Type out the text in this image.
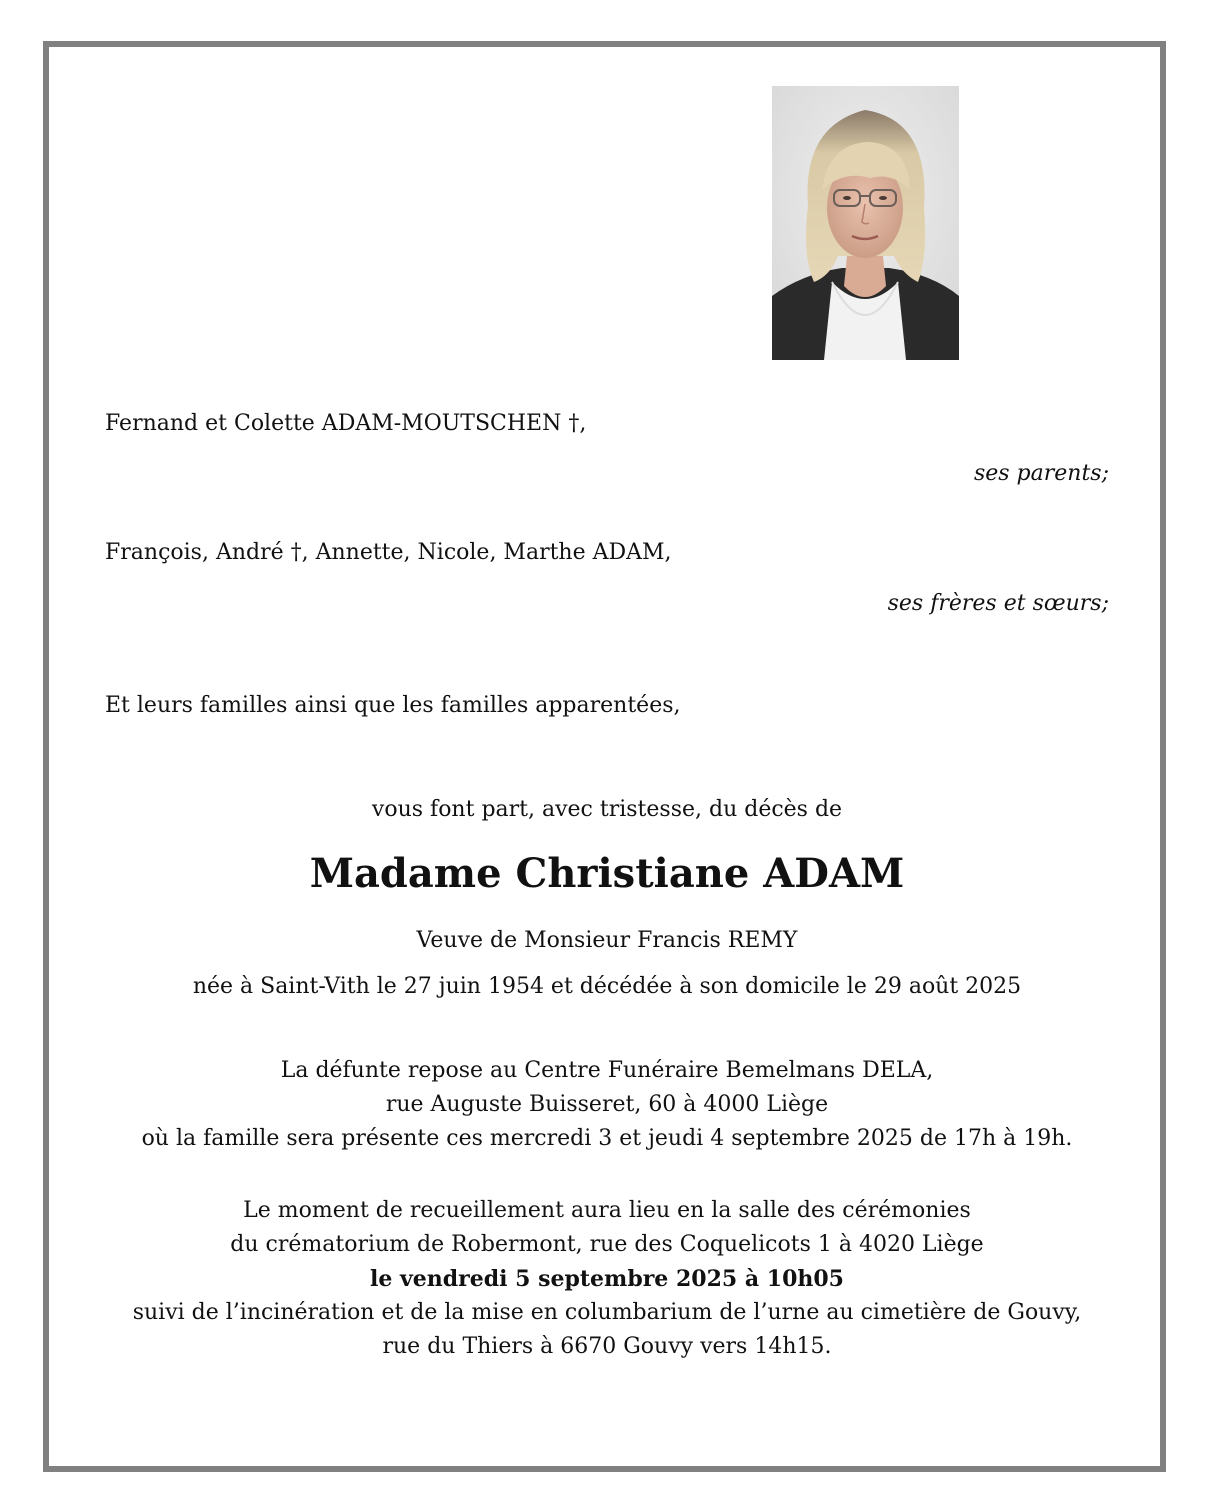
Fernand et Colette ADAM-MOUTSCHEN †,
ses parents;
François, André †, Annette, Nicole, Marthe ADAM,
ses frères et sœurs;
Et leurs familles ainsi que les familles apparentées,
vous font part, avec tristesse, du décès de
Madame Christiane ADAM
Veuve de Monsieur Francis REMY
née à Saint-Vith le 27 juin 1954 et décédée à son domicile le 29 août 2025
La défunte repose au Centre Funéraire Bemelmans DELA,
rue Auguste Buisseret, 60 à 4000 Liège
où la famille sera présente ces mercredi 3 et jeudi 4 septembre 2025 de 17h à 19h.
Le moment de recueillement aura lieu en la salle des cérémonies
du crématorium de Robermont, rue des Coquelicots 1 à 4020 Liège
le vendredi 5 septembre 2025 à 10h05
suivi de l’incinération et de la mise en columbarium de l’urne au cimetière de Gouvy,
rue du Thiers à 6670 Gouvy vers 14h15.
